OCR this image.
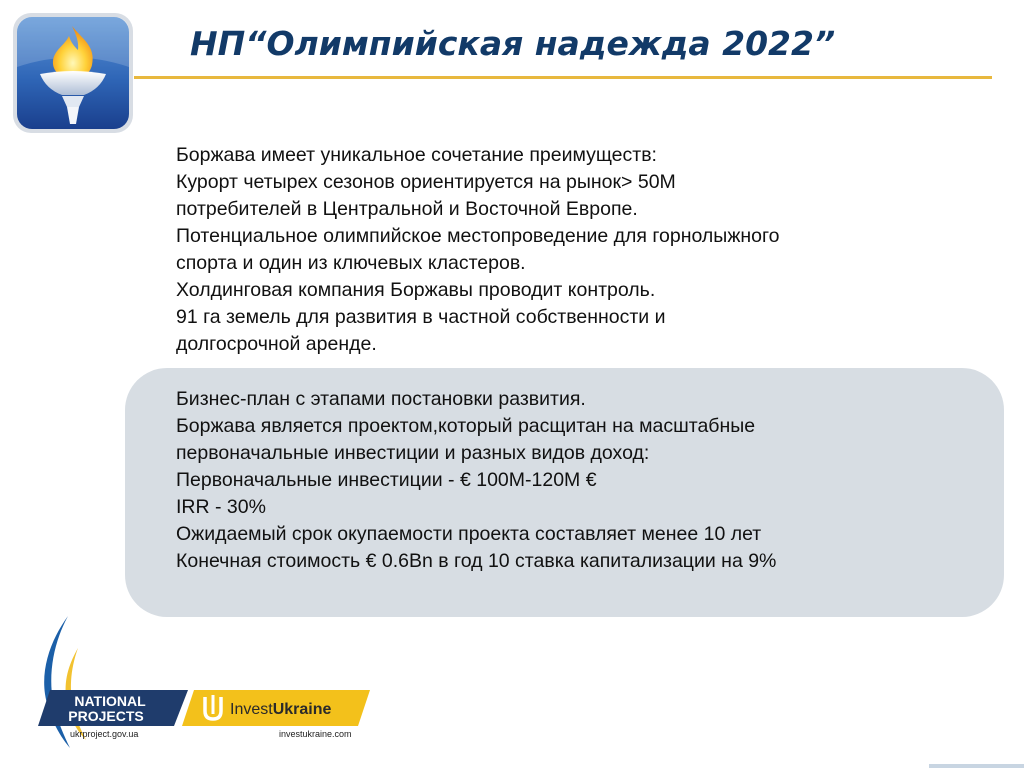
НП“Олимпийская надежда 2022”
Боржава имеет уникальное сочетание преимуществ:
Курорт четырех сезонов ориентируется на рынок> 50М
потребителей в Центральной и Восточной Европе.
Потенциальное олимпийское местопроведение для горнолыжного
спорта и один из ключевых кластеров.
Холдинговая компания Боржавы проводит контроль.
91 га земель для развития в частной собственности и
долгосрочной аренде.
Бизнес-план с этапами постановки развития.
Боржава является проектом,который расщитан на масштабные
первоначальные инвестиции и разных видов доход:
Первоначальные инвестиции - € 100М-120М €
IRR - 30%
Ожидаемый срок окупаемости проекта составляет менее 10 лет
Конечная стоимость € 0.6Bn в год 10 ставка капитализации на 9%
NATIONAL
PROJECTS
ukrproject.gov.ua
InvestUkraine
investukraine.com
